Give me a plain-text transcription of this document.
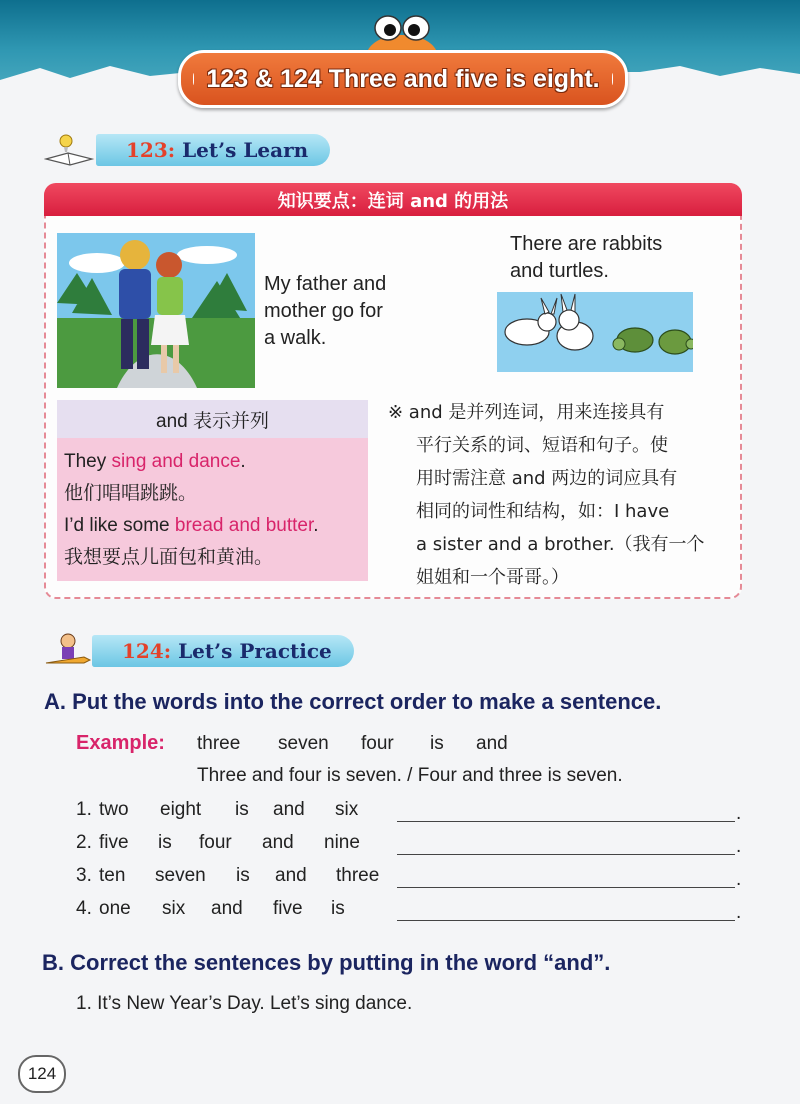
123 & 124 Three and five is eight.
123: Let’s Learn
知识要点：连词 and 的用法
My father and
mother go for
a walk.
There are rabbits
and turtles.
and 表示并列
They sing and dance.
他们唱唱跳跳。
I’d like some bread and butter.
我想要点儿面包和黄油。
※ and 是并列连词，用来连接具有
平行关系的词、短语和句子。使
用时需注意 and 两边的词应具有
相同的词性和结构，如：I have
a sister and a brother.（我有一个
姐姐和一个哥哥。）
124: Let’s Practice
A. Put the words into the correct order to make a sentence.
Example: three seven four is and
Three and four is seven. / Four and three is seven.
1. two eight is and six	.
2. five is four and nine	.
3. ten seven is and three	.
4. one six and five is	.
B. Correct the sentences by putting in the word “and”.
1. It’s New Year’s Day. Let’s sing dance.
124
